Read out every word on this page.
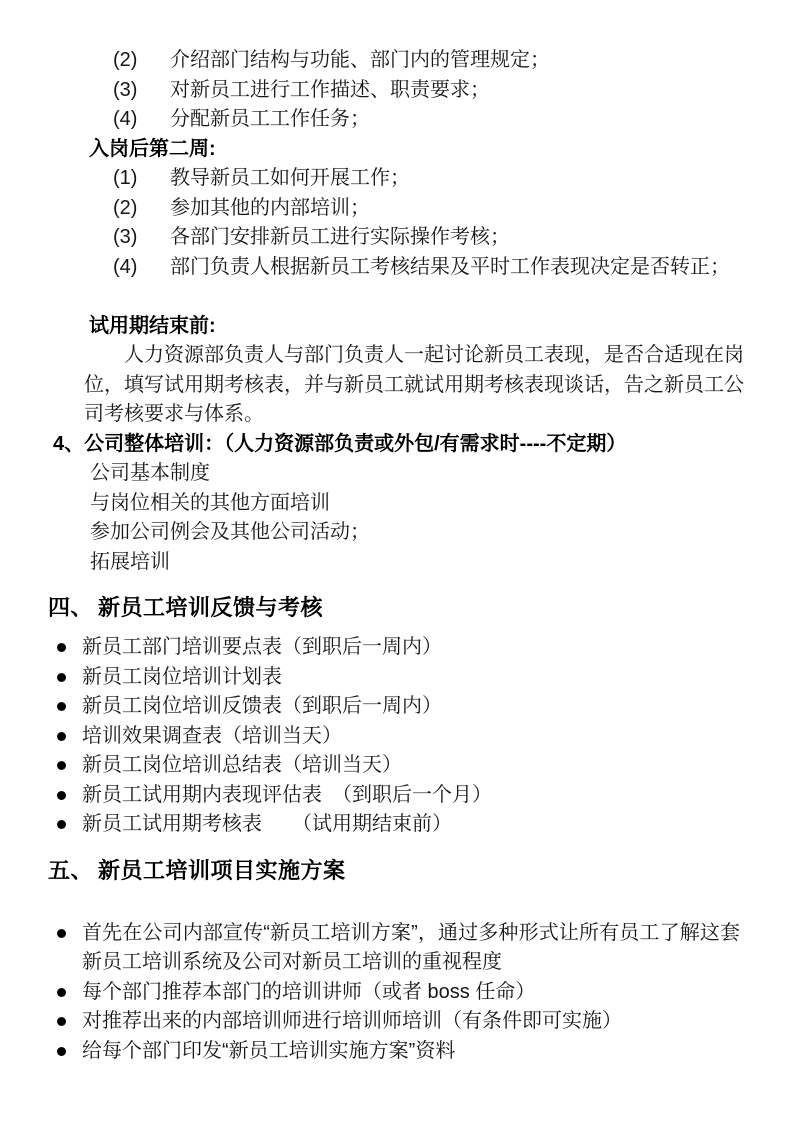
(2)	介绍部门结构与功能、部门内的管理规定；
(3)	对新员工进行工作描述、职责要求；
(4)	分配新员工工作任务；
入岗后第二周:
(1)	教导新员工如何开展工作；
(2)	参加其他的内部培训；
(3)	各部门安排新员工进行实际操作考核；
(4)	部门负责人根据新员工考核结果及平时工作表现决定是否转正；
试用期结束前:
人力资源部负责人与部门负责人一起讨论新员工表现，是否合适现在岗位，填写试用期考核表，并与新员工就试用期考核表现谈话，告之新员工公司考核要求与体系。
4、公司整体培训：（人力资源部负责或外包/有需求时----不定期）
公司基本制度
与岗位相关的其他方面培训
参加公司例会及其他公司活动；
拓展培训
四、 新员工培训反馈与考核
新员工部门培训要点表（到职后一周内）
新员工岗位培训计划表
新员工岗位培训反馈表（到职后一周内）
培训效果调查表（培训当天）
新员工岗位培训总结表（培训当天）
新员工试用期内表现评估表　（到职后一个月）
新员工试用期考核表　　（试用期结束前）
五、 新员工培训项目实施方案
首先在公司内部宣传“新员工培训方案”，通过多种形式让所有员工了解这套新员工培训系统及公司对新员工培训的重视程度
每个部门推荐本部门的培训讲师（或者 boss 任命）
对推荐出来的内部培训师进行培训师培训（有条件即可实施）
给每个部门印发“新员工培训实施方案”资料
